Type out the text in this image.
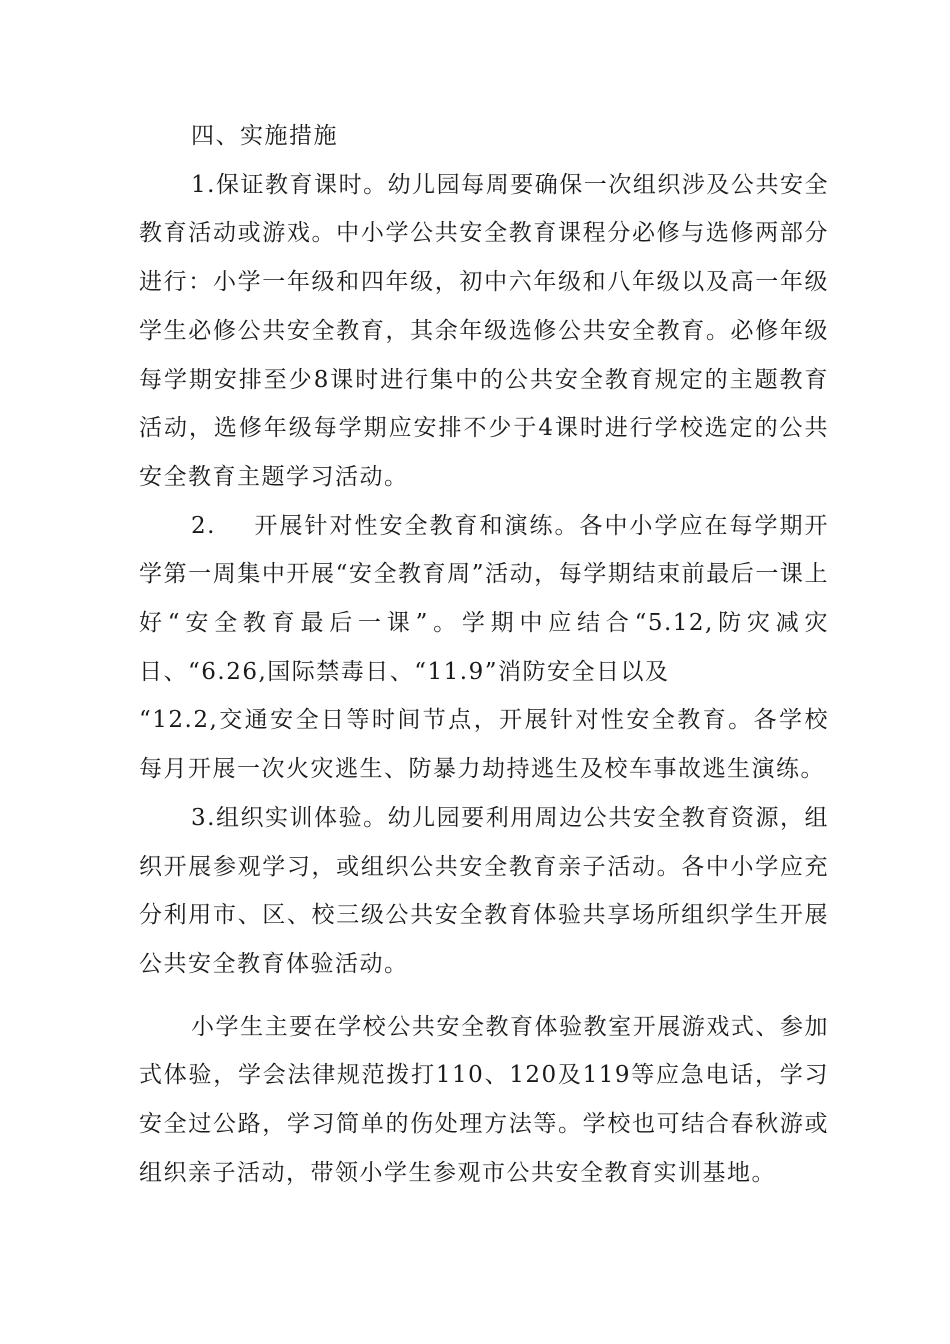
四、实施措施

1.保证教育课时。幼儿园每周要确保一次组织涉及公共安全教育活动或游戏。中小学公共安全教育课程分必修与选修两部分进行：小学一年级和四年级，初中六年级和八年级以及高一年级学生必修公共安全教育，其余年级选修公共安全教育。必修年级每学期安排至少8课时进行集中的公共安全教育规定的主题教育活动，选修年级每学期应安排不少于4课时进行学校选定的公共安全教育主题学习活动。

2. 开展针对性安全教育和演练。各中小学应在每学期开学第一周集中开展“安全教育周”活动，每学期结束前最后一课上好“安全教育最后一课”。学期中应结合“5.12,防灾减灾日、“6.26,国际禁毒日、“11.9”消防安全日以及

“12.2,交通安全日等时间节点，开展针对性安全教育。各学校每月开展一次火灾逃生、防暴力劫持逃生及校车事故逃生演练。

3.组织实训体验。幼儿园要利用周边公共安全教育资源，组织开展参观学习，或组织公共安全教育亲子活动。各中小学应充分利用市、区、校三级公共安全教育体验共享场所组织学生开展公共安全教育体验活动。

小学生主要在学校公共安全教育体验教室开展游戏式、参加式体验，学会法律规范拨打110、120及119等应急电话，学习安全过公路，学习简单的伤处理方法等。学校也可结合春秋游或组织亲子活动，带领小学生参观市公共安全教育实训基地。
